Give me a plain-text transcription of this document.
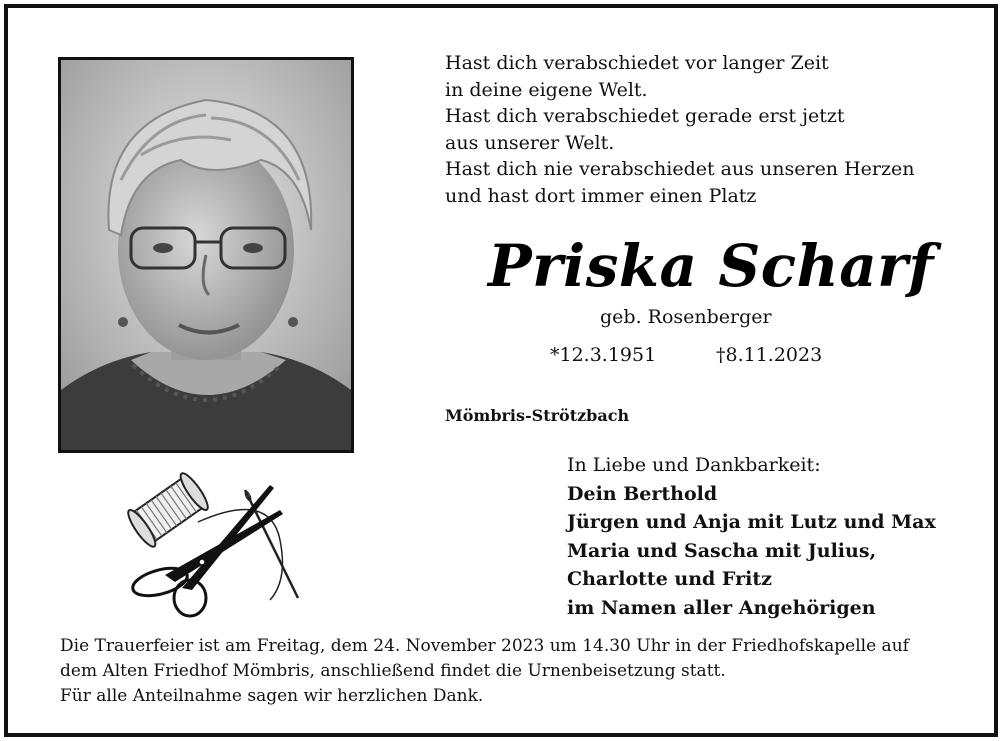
Hast dich verabschiedet vor langer Zeit
in deine eigene Welt.
Hast dich verabschiedet gerade erst jetzt
aus unserer Welt.
Hast dich nie verabschiedet aus unseren Herzen
und hast dort immer einen Platz
Priska Scharf
geb. Rosenberger
*12.3.1951	†8.11.2023
Mömbris-Strötzbach
In Liebe und Dankbarkeit:
Dein Berthold
Jürgen und Anja mit Lutz und Max
Maria und Sascha mit Julius,
Charlotte und Fritz
im Namen aller Angehörigen
Die Trauerfeier ist am Freitag, dem 24. November 2023 um 14.30 Uhr in der Friedhofskapelle auf
dem Alten Friedhof Mömbris, anschließend findet die Urnenbeisetzung statt.
Für alle Anteilnahme sagen wir herzlichen Dank.
